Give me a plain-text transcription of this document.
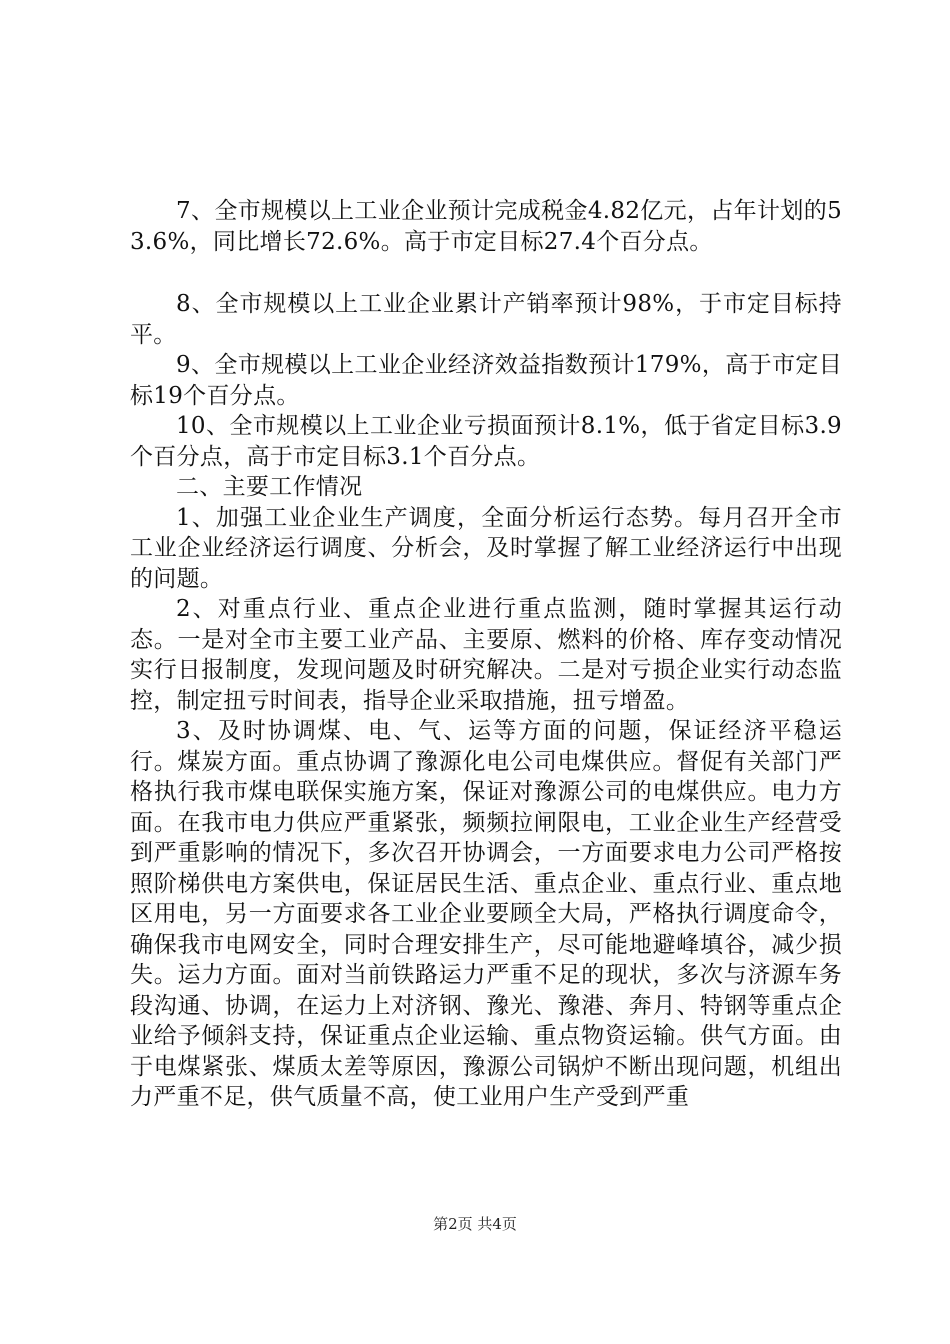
7、全市规模以上工业企业预计完成税金4.82亿元，占年计划的53.6%，同比增长72.6%。高于市定目标27.4个百分点。

8、全市规模以上工业企业累计产销率预计98%，于市定目标持平。

9、全市规模以上工业企业经济效益指数预计179%，高于市定目标19个百分点。

10、全市规模以上工业企业亏损面预计8.1%，低于省定目标3.9个百分点，高于市定目标3.1个百分点。

二、主要工作情况

1、加强工业企业生产调度，全面分析运行态势。每月召开全市工业企业经济运行调度、分析会，及时掌握了解工业经济运行中出现的问题。

2、对重点行业、重点企业进行重点监测，随时掌握其运行动态。一是对全市主要工业产品、主要原、燃料的价格、库存变动情况实行日报制度，发现问题及时研究解决。二是对亏损企业实行动态监控，制定扭亏时间表，指导企业采取措施，扭亏增盈。

3、及时协调煤、电、气、运等方面的问题，保证经济平稳运行。煤炭方面。重点协调了豫源化电公司电煤供应。督促有关部门严格执行我市煤电联保实施方案，保证对豫源公司的电煤供应。电力方面。在我市电力供应严重紧张，频频拉闸限电，工业企业生产经营受到严重影响的情况下，多次召开协调会，一方面要求电力公司严格按照阶梯供电方案供电，保证居民生活、重点企业、重点行业、重点地区用电，另一方面要求各工业企业要顾全大局，严格执行调度命令，确保我市电网安全，同时合理安排生产，尽可能地避峰填谷，减少损失。运力方面。面对当前铁路运力严重不足的现状，多次与济源车务段沟通、协调，在运力上对济钢、豫光、豫港、奔月、特钢等重点企业给予倾斜支持，保证重点企业运输、重点物资运输。供气方面。由于电煤紧张、煤质太差等原因，豫源公司锅炉不断出现问题，机组出力严重不足，供气质量不高，使工业用户生产受到严重

第2页 共4页
